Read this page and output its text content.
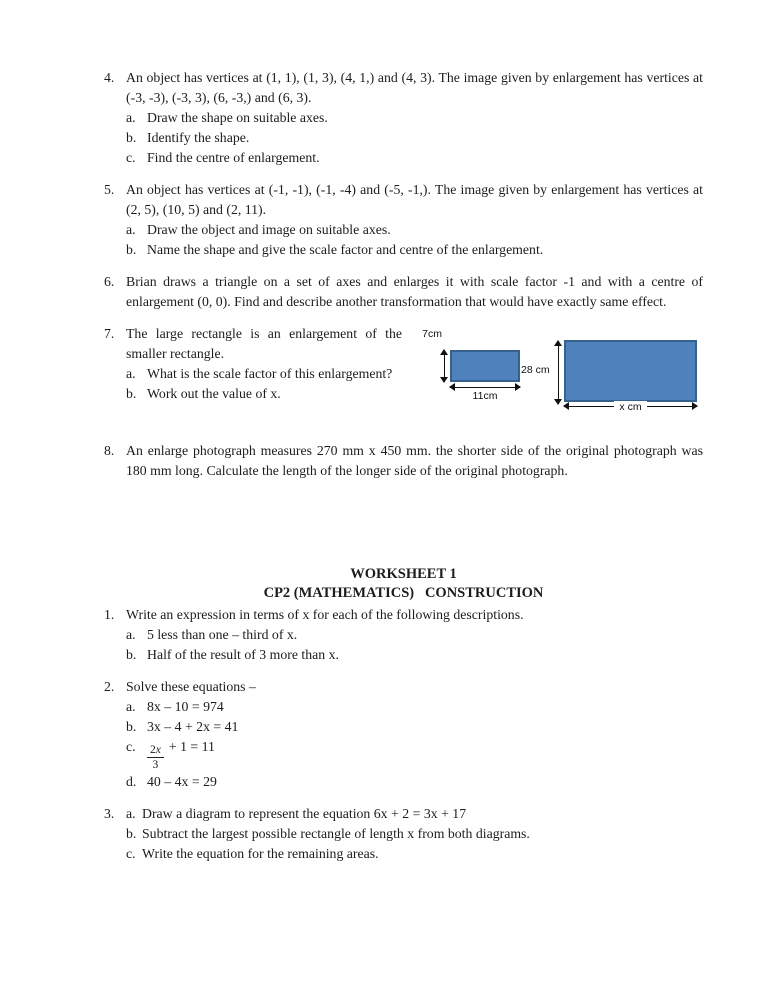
4. An object has vertices at (1, 1), (1, 3), (4, 1,) and (4, 3). The image given by enlargement has vertices at (-3, -3), (-3, 3), (6, -3,) and (6, 3).
a. Draw the shape on suitable axes.
b. Identify the shape.
c. Find the centre of enlargement.
5. An object has vertices at (-1, -1), (-1, -4) and (-5, -1,). The image given by enlargement has vertices at (2, 5), (10, 5) and (2, 11).
a. Draw the object and image on suitable axes.
b. Name the shape and give the scale factor and centre of the enlargement.
6. Brian draws a triangle on a set of axes and enlarges it with scale factor -1 and with a centre of enlargement (0, 0). Find and describe another transformation that would have exactly same effect.
7. The large rectangle is an enlargement of the smaller rectangle.
a. What is the scale factor of this enlargement?
b. Work out the value of x.
7cm
11cm
28 cm
x cm
8. An enlarge photograph measures 270 mm x 450 mm. the shorter side of the original photograph was 180 mm long. Calculate the length of the longer side of the original photograph.
WORKSHEET 1
CP2 (MATHEMATICS)   CONSTRUCTION
1. Write an expression in terms of x for each of the following descriptions.
a. 5 less than one – third of x.
b. Half of the result of 3 more than x.
2. Solve these equations –
a. 8x – 10 = 974
b. 3x – 4 + 2x = 41
c. $\frac{2x}{3} + 1 = 11$
d. 40 – 4x = 29
3. a. Draw a diagram to represent the equation 6x + 2 = 3x + 17
b. Subtract the largest possible rectangle of length x from both diagrams.
c. Write the equation for the remaining areas.
